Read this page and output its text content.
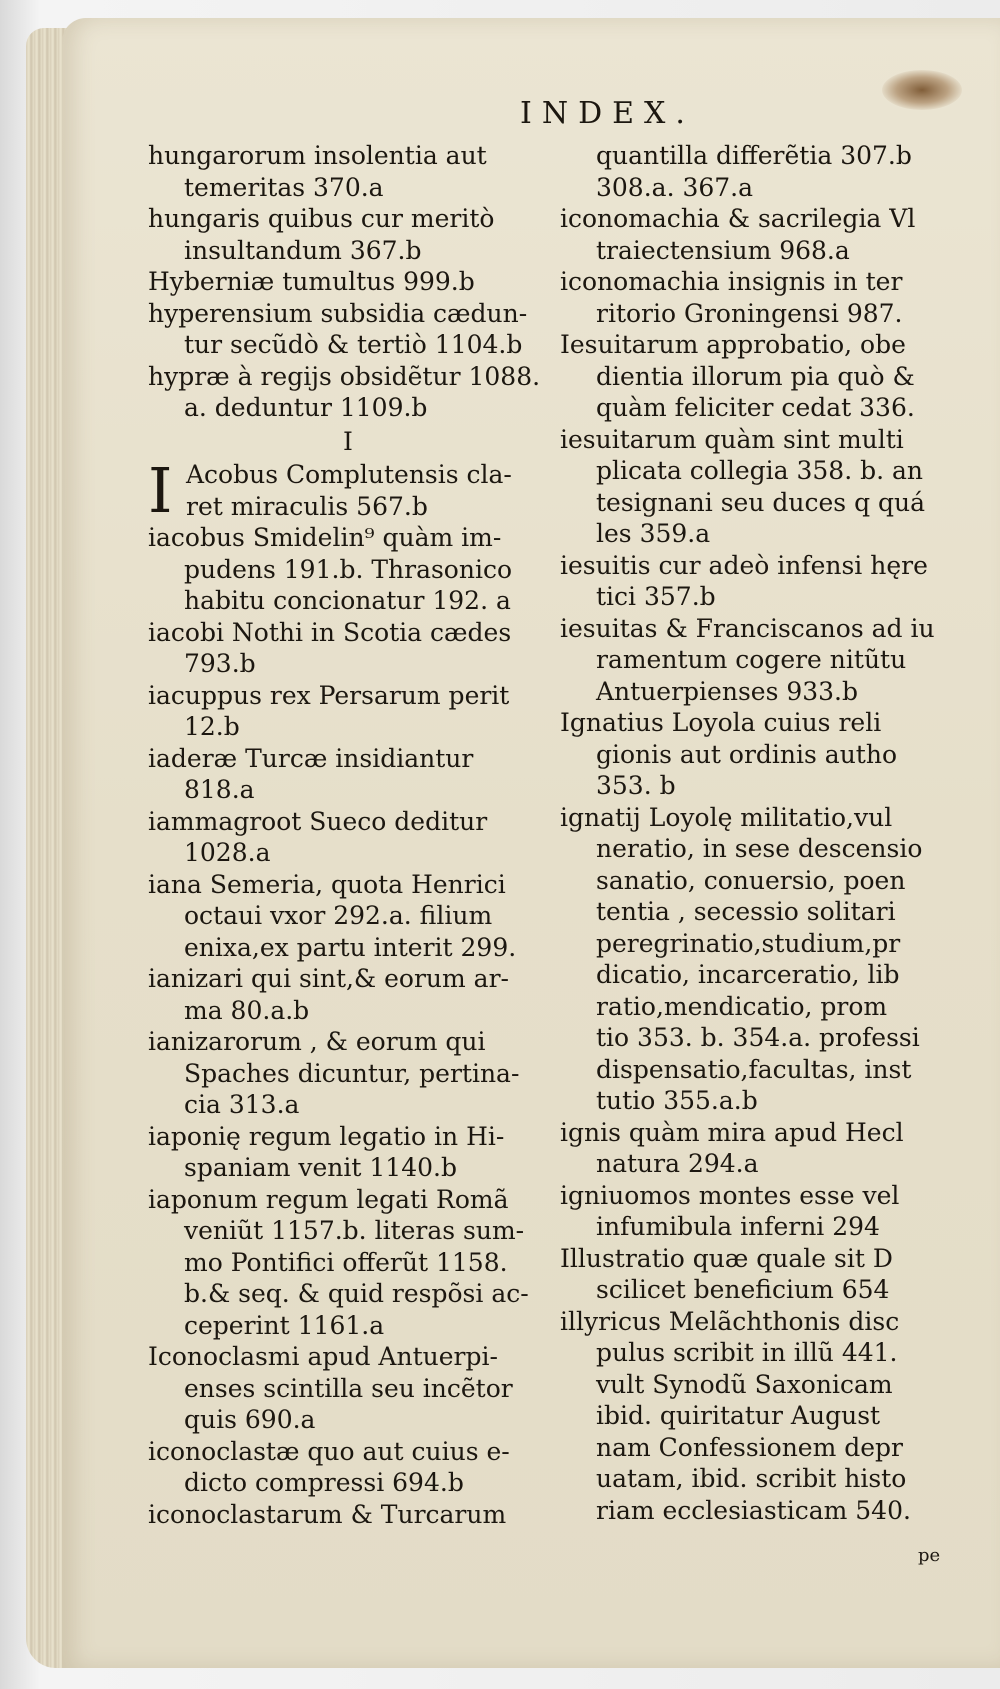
INDEX.
hungarorum insolentia aut
temeritas 370.a
hungaris quibus cur meritò
insultandum 367.b
Hyberniæ tumultus 999.b
hyperensium subsidia cædun-
tur secũdò & tertiò 1104.b
hypræ à regijs obsidẽtur 1088.
a. deduntur 1109.b
I
I Acobus Complutensis cla-
ret miraculis 567.b
iacobus Smidelin⁹ quàm im-
pudens 191.b. Thrasonico
habitu concionatur 192. a
iacobi Nothi in Scotia cædes
793.b
iacuppus rex Persarum perit
12.b
iaderæ Turcæ insidiantur
818.a
iammagroot Sueco deditur
1028.a
iana Semeria, quota Henrici
octaui vxor 292.a. filium
enixa,ex partu interit 299.
ianizari qui sint,& eorum ar-
ma 80.a.b
ianizarorum , & eorum qui
Spaches dicuntur, pertina-
cia 313.a
iaponię regum legatio in Hi-
spaniam venit 1140.b
iaponum regum legati Romã
veniũt 1157.b. literas sum-
mo Pontifici offerũt 1158.
b.& seq. & quid respõsi ac-
ceperint 1161.a
Iconoclasmi apud Antuerpi-
enses scintilla seu incẽtor
quis 690.a
iconoclastæ quo aut cuius e-
dicto compressi 694.b
iconoclastarum & Turcarum
quantilla differẽtia 307.b
308.a. 367.a
iconomachia & sacrilegia Vl
traiectensium 968.a
iconomachia insignis in ter
ritorio Groningensi 987.
Iesuitarum approbatio, obe
dientia illorum pia quò &
quàm feliciter cedat 336.
iesuitarum quàm sint multi
plicata collegia 358. b. an
tesignani seu duces q quá
les 359.a
iesuitis cur adeò infensi hęre
tici 357.b
iesuitas & Franciscanos ad iu
ramentum cogere nitũtu
Antuerpienses 933.b
Ignatius Loyola cuius reli
gionis aut ordinis autho
353. b
ignatij Loyolę militatio,vul
neratio, in sese descensio
sanatio, conuersio, poen
tentia , secessio solitari
peregrinatio,studium,pr
dicatio, incarceratio, lib
ratio,mendicatio, prom
tio 353. b. 354.a. professi
dispensatio,facultas, inst
tutio 355.a.b
ignis quàm mira apud Hecl
natura 294.a
igniuomos montes esse vel
infumibula inferni 294
Illustratio quæ quale sit D
scilicet beneficium 654
illyricus Melãchthonis disc
pulus scribit in illũ 441.
vult Synodũ Saxonicam
ibid. quiritatur August
nam Confessionem depr
uatam, ibid. scribit histo
riam ecclesiasticam 540.
pe
